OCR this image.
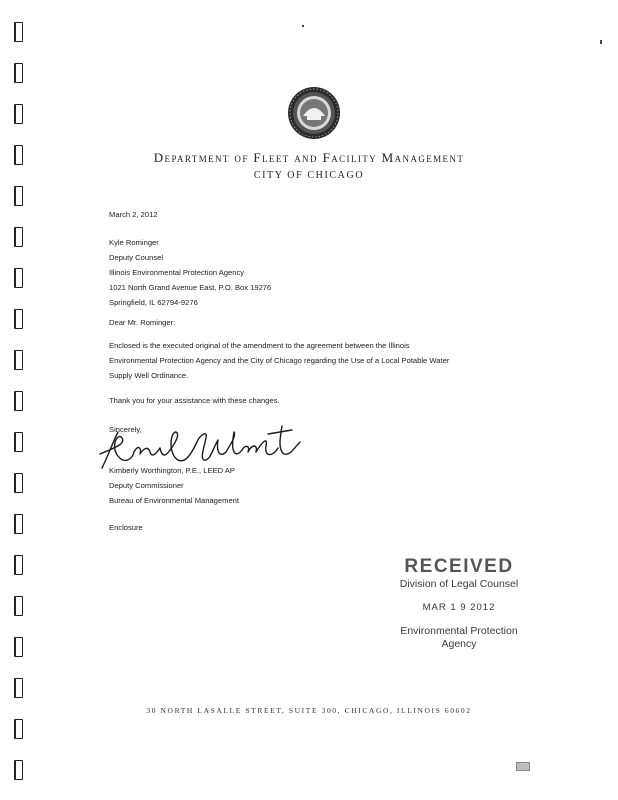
Department of Fleet and Facility Management
CITY OF CHICAGO
March 2, 2012
Kyle Rominger
Deputy Counsel
Illinois Environmental Protection Agency
1021 North Grand Avenue East, P.O. Box 19276
Springfield, IL 62794-9276
Dear Mr. Rominger:
Enclosed is the executed original of the amendment to the agreement between the Illinois
Environmental Protection Agency and the City of Chicago regarding the Use of a Local Potable Water
Supply Well Ordinance.
Thank you for your assistance with these changes.
Sincerely,
Kimberly Worthington, P.E., LEED AP
Deputy Commissioner
Bureau of Environmental Management
Enclosure
RECEIVED
Division of Legal Counsel
MAR 1 9 2012
Environmental Protection
Agency
30 NORTH LASALLE STREET, SUITE 300, CHICAGO, ILLINOIS 60602
